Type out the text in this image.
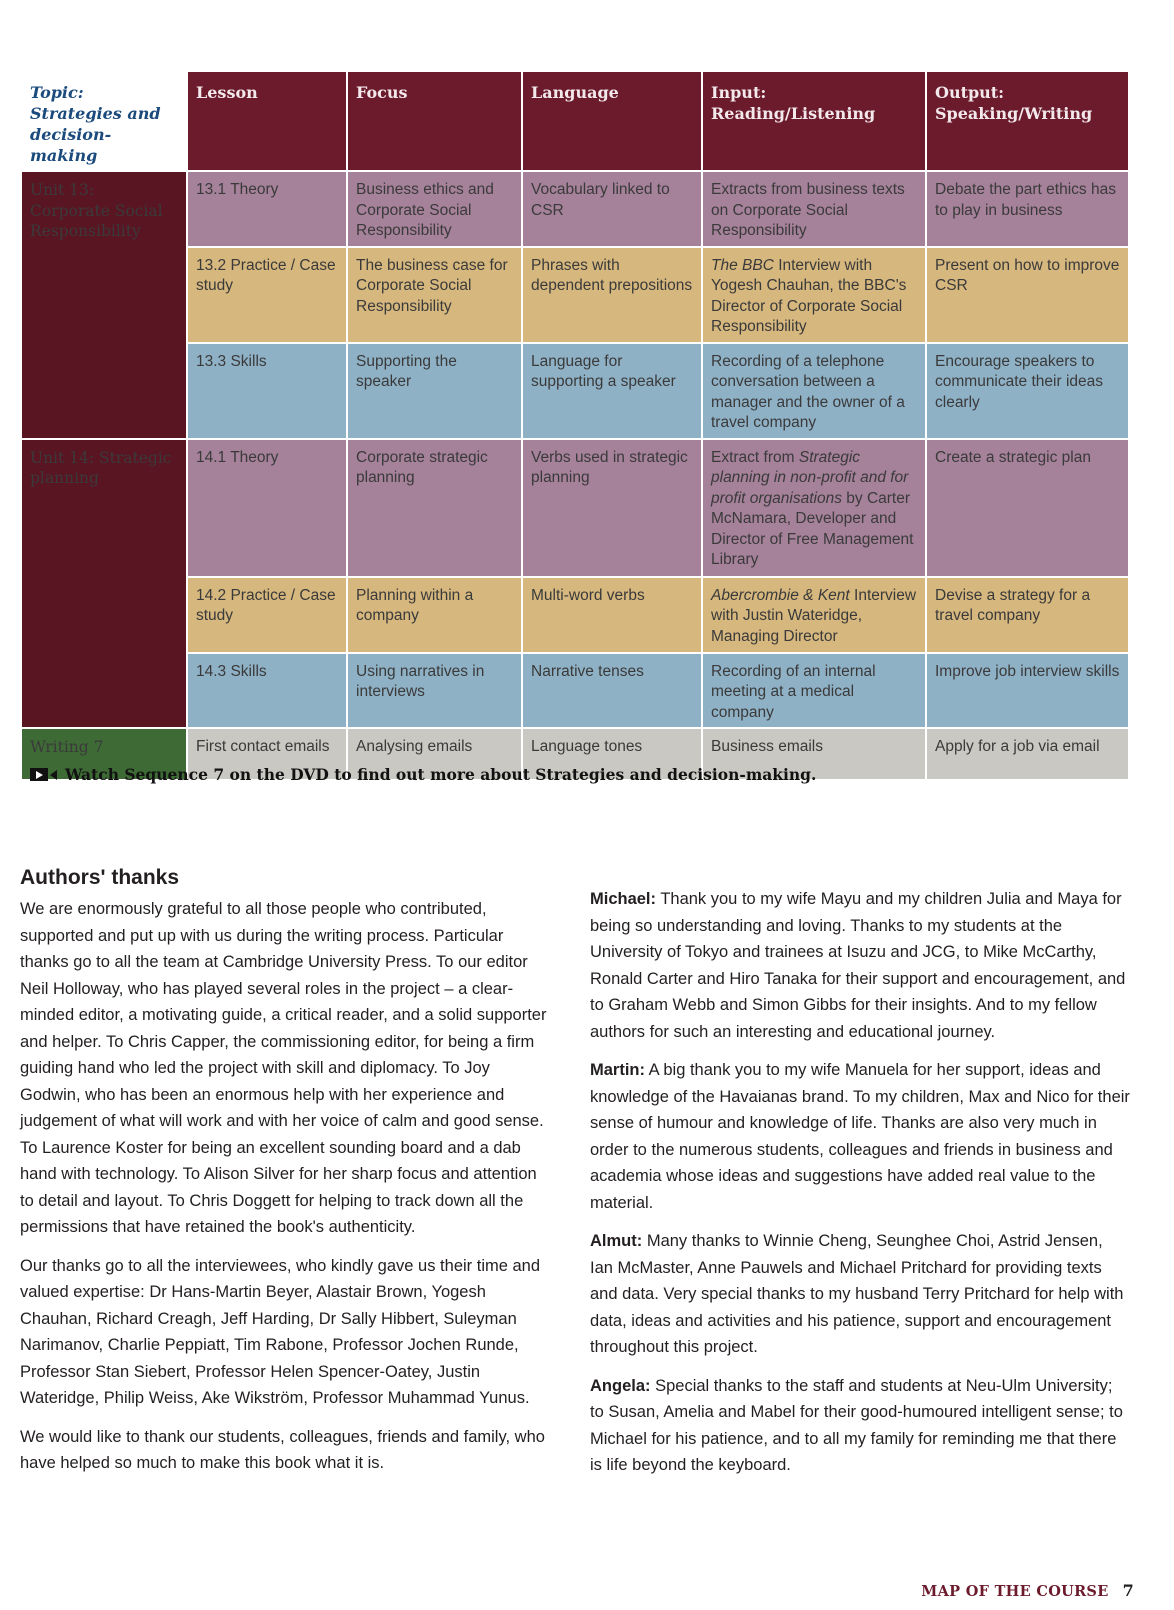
Topic: Strategies and decision-making	Lesson	Focus	Language	Input: Reading/Listening	Output: Speaking/Writing
Unit 13: Corporate Social Responsibility	13.1 Theory	Business ethics and Corporate Social Responsibility	Vocabulary linked to CSR	Extracts from business texts on Corporate Social Responsibility	Debate the part ethics has to play in business
	13.2 Practice / Case study	The business case for Corporate Social Responsibility	Phrases with dependent prepositions	The BBC Interview with Yogesh Chauhan, the BBC's Director of Corporate Social Responsibility	Present on how to improve CSR
	13.3 Skills	Supporting the speaker	Language for supporting a speaker	Recording of a telephone conversation between a manager and the owner of a travel company	Encourage speakers to communicate their ideas clearly
Unit 14: Strategic planning	14.1 Theory	Corporate strategic planning	Verbs used in strategic planning	Extract from Strategic planning in non-profit and for profit organisations by Carter McNamara, Developer and Director of Free Management Library	Create a strategic plan
	14.2 Practice / Case study	Planning within a company	Multi-word verbs	Abercrombie & Kent Interview with Justin Wateridge, Managing Director	Devise a strategy for a travel company
	14.3 Skills	Using narratives in interviews	Narrative tenses	Recording of an internal meeting at a medical company	Improve job interview skills
Writing 7	First contact emails	Analysing emails	Language tones	Business emails	Apply for a job via email
Watch Sequence 7 on the DVD to find out more about Strategies and decision-making.
Authors' thanks

We are enormously grateful to all those people who contributed, supported and put up with us during the writing process. Particular thanks go to all the team at Cambridge University Press. To our editor Neil Holloway, who has played several roles in the project – a clear-minded editor, a motivating guide, a critical reader, and a solid supporter and helper. To Chris Capper, the commissioning editor, for being a firm guiding hand who led the project with skill and diplomacy. To Joy Godwin, who has been an enormous help with her experience and judgement of what will work and with her voice of calm and good sense. To Laurence Koster for being an excellent sounding board and a dab hand with technology. To Alison Silver for her sharp focus and attention to detail and layout. To Chris Doggett for helping to track down all the permissions that have retained the book's authenticity.

Our thanks go to all the interviewees, who kindly gave us their time and valued expertise: Dr Hans-Martin Beyer, Alastair Brown, Yogesh Chauhan, Richard Creagh, Jeff Harding, Dr Sally Hibbert, Suleyman Narimanov, Charlie Peppiatt, Tim Rabone, Professor Jochen Runde, Professor Stan Siebert, Professor Helen Spencer-Oatey, Justin Wateridge, Philip Weiss, Ake Wikström, Professor Muhammad Yunus.

We would like to thank our students, colleagues, friends and family, who have helped so much to make this book what it is.

Michael: Thank you to my wife Mayu and my children Julia and Maya for being so understanding and loving. Thanks to my students at the University of Tokyo and trainees at Isuzu and JCG, to Mike McCarthy, Ronald Carter and Hiro Tanaka for their support and encouragement, and to Graham Webb and Simon Gibbs for their insights. And to my fellow authors for such an interesting and educational journey.

Martin: A big thank you to my wife Manuela for her support, ideas and knowledge of the Havaianas brand. To my children, Max and Nico for their sense of humour and knowledge of life. Thanks are also very much in order to the numerous students, colleagues and friends in business and academia whose ideas and suggestions have added real value to the material.

Almut: Many thanks to Winnie Cheng, Seunghee Choi, Astrid Jensen, Ian McMaster, Anne Pauwels and Michael Pritchard for providing texts and data. Very special thanks to my husband Terry Pritchard for help with data, ideas and activities and his patience, support and encouragement throughout this project.

Angela: Special thanks to the staff and students at Neu-Ulm University; to Susan, Amelia and Mabel for their good-humoured intelligent sense; to Michael for his patience, and to all my family for reminding me that there is life beyond the keyboard.

MAP OF THE COURSE 7
